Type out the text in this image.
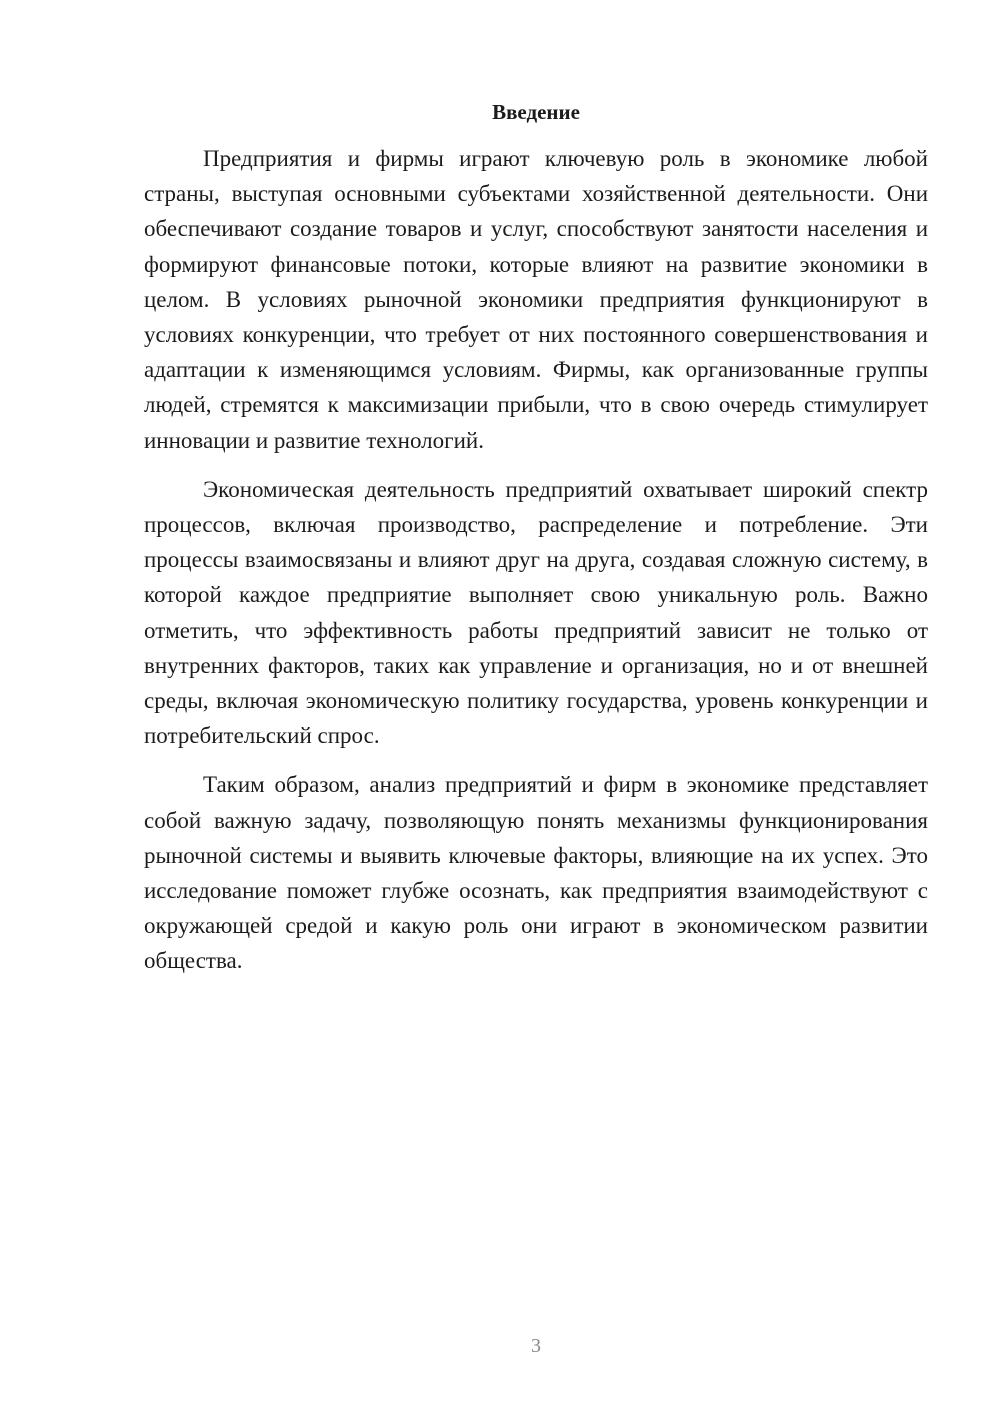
Введение

Предприятия и фирмы играют ключевую роль в экономике любой страны, выступая основными субъектами хозяйственной деятельности. Они обеспечивают создание товаров и услуг, способствуют занятости населения и формируют финансовые потоки, которые влияют на развитие экономики в целом. В условиях рыночной экономики предприятия функционируют в условиях конкуренции, что требует от них постоянного совершенствования и адаптации к изменяющимся условиям. Фирмы, как организованные группы людей, стремятся к максимизации прибыли, что в свою очередь стимулирует инновации и развитие технологий.

Экономическая деятельность предприятий охватывает широкий спектр процессов, включая производство, распределение и потребление. Эти процессы взаимосвязаны и влияют друг на друга, создавая сложную систему, в которой каждое предприятие выполняет свою уникальную роль. Важно отметить, что эффективность работы предприятий зависит не только от внутренних факторов, таких как управление и организация, но и от внешней среды, включая экономическую политику государства, уровень конкуренции и потребительский спрос.

Таким образом, анализ предприятий и фирм в экономике представляет собой важную задачу, позволяющую понять механизмы функционирования рыночной системы и выявить ключевые факторы, влияющие на их успех. Это исследование поможет глубже осознать, как предприятия взаимодействуют с окружающей средой и какую роль они играют в экономическом развитии общества.

3
